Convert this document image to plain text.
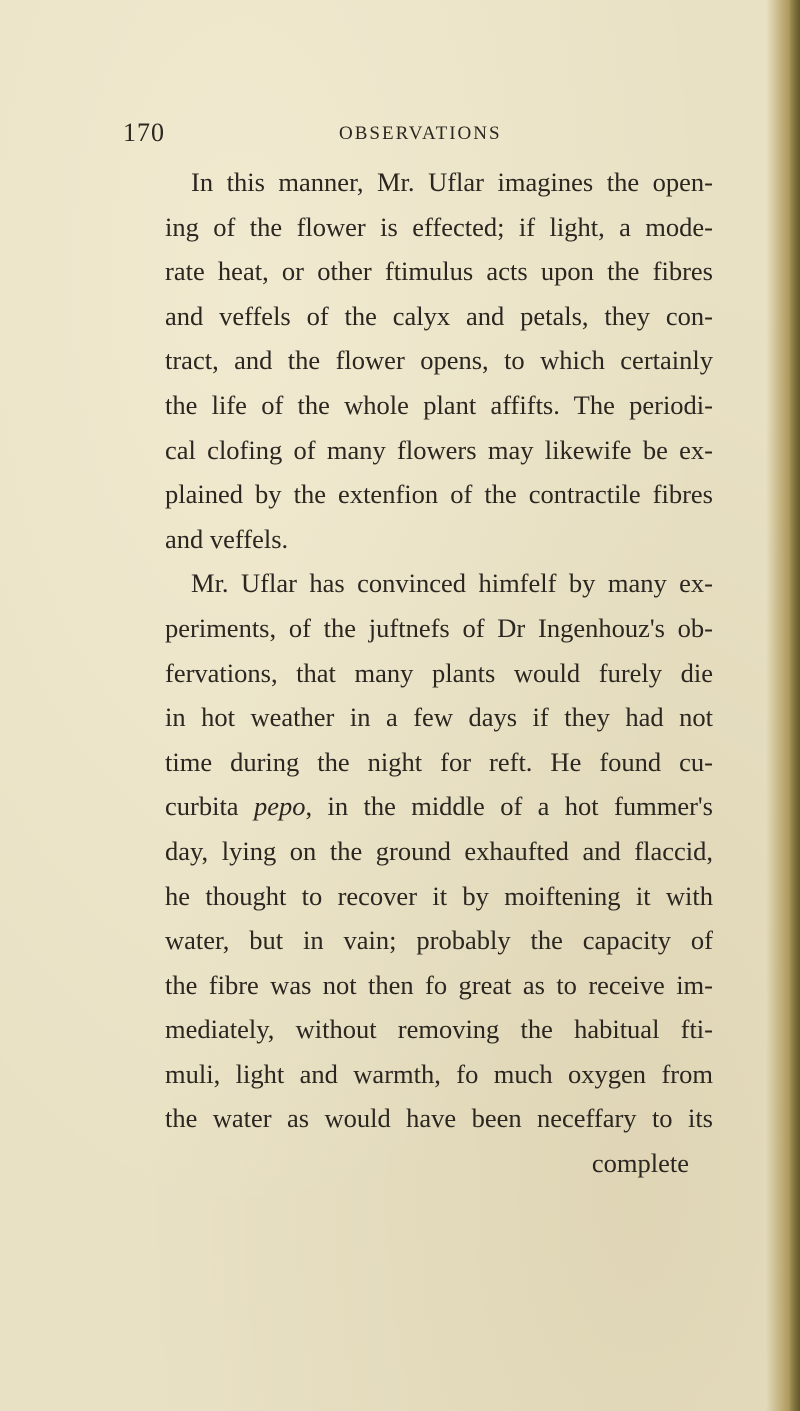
170	OBSERVATIONS
In this manner, Mr. Uflar imagines the open-
ing of the flower is effected; if light, a mode-
rate heat, or other ftimulus acts upon the fibres
and veffels of the calyx and petals, they con-
tract, and the flower opens, to which certainly
the life of the whole plant affifts. The periodi-
cal clofing of many flowers may likewife be ex-
plained by the extenfion of the contractile fibres
and veffels.
Mr. Uflar has convinced himfelf by many ex-
periments, of the juftnefs of Dr Ingenhouz's ob-
fervations, that many plants would furely die
in hot weather in a few days if they had not
time during the night for reft. He found cu-
curbita pepo, in the middle of a hot fummer's
day, lying on the ground exhaufted and flaccid,
he thought to recover it by moiftening it with
water, but in vain; probably the capacity of
the fibre was not then fo great as to receive im-
mediately, without removing the habitual fti-
muli, light and warmth, fo much oxygen from
the water as would have been neceffary to its
complete
